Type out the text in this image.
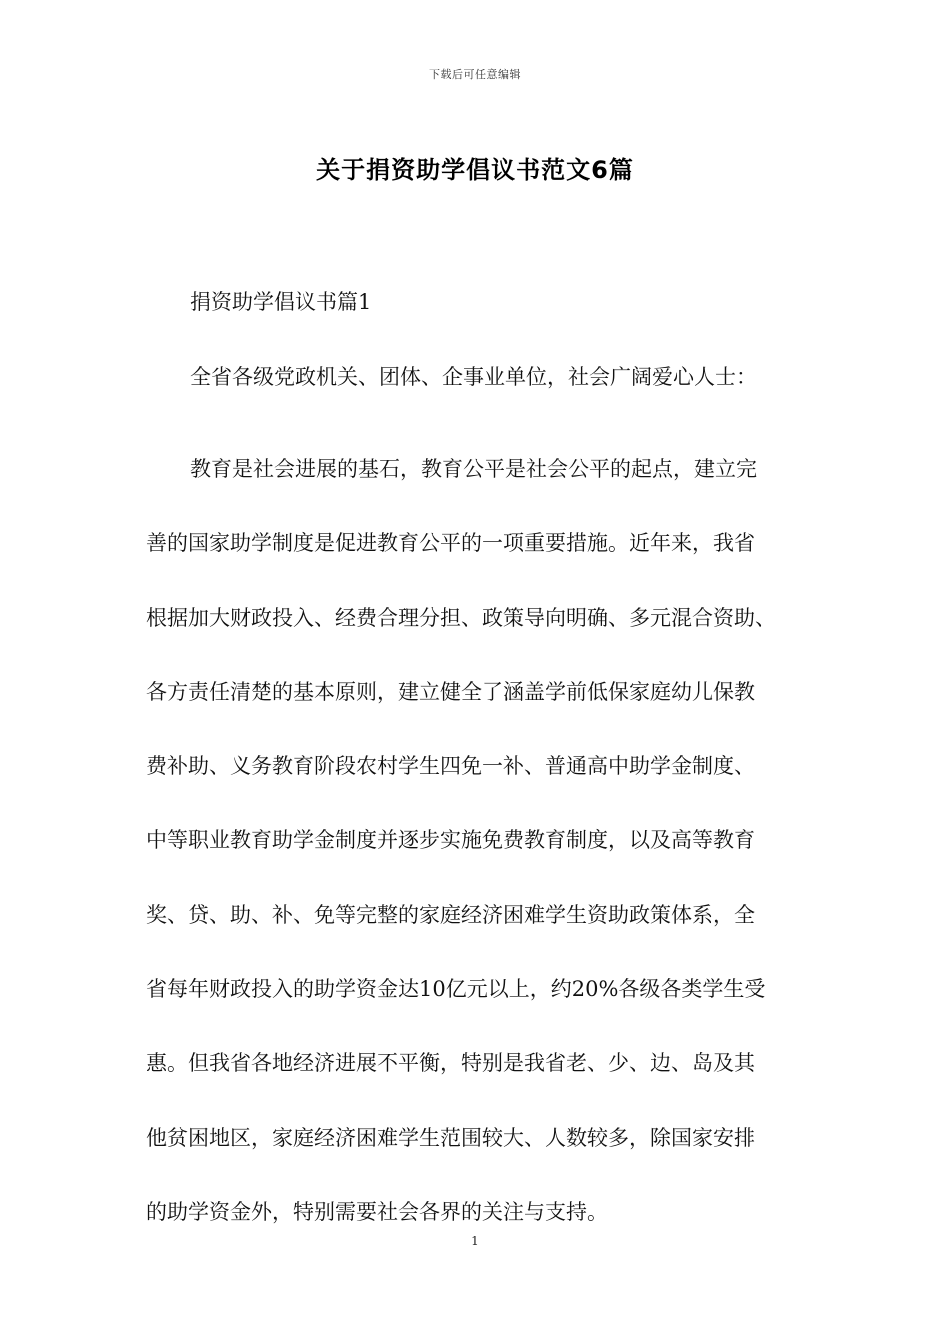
下载后可任意编辑
关于捐资助学倡议书范文6篇
捐资助学倡议书篇1
全省各级党政机关、团体、企事业单位，社会广阔爱心人士：
教育是社会进展的基石，教育公平是社会公平的起点，建立完
善的国家助学制度是促进教育公平的一项重要措施。近年来，我省
根据加大财政投入、经费合理分担、政策导向明确、多元混合资助、
各方责任清楚的基本原则，建立健全了涵盖学前低保家庭幼儿保教
费补助、义务教育阶段农村学生四免一补、普通高中助学金制度、
中等职业教育助学金制度并逐步实施免费教育制度，以及高等教育
奖、贷、助、补、免等完整的家庭经济困难学生资助政策体系，全
省每年财政投入的助学资金达10亿元以上，约20%各级各类学生受
惠。但我省各地经济进展不平衡，特别是我省老、少、边、岛及其
他贫困地区，家庭经济困难学生范围较大、人数较多，除国家安排
的助学资金外，特别需要社会各界的关注与支持。
1
